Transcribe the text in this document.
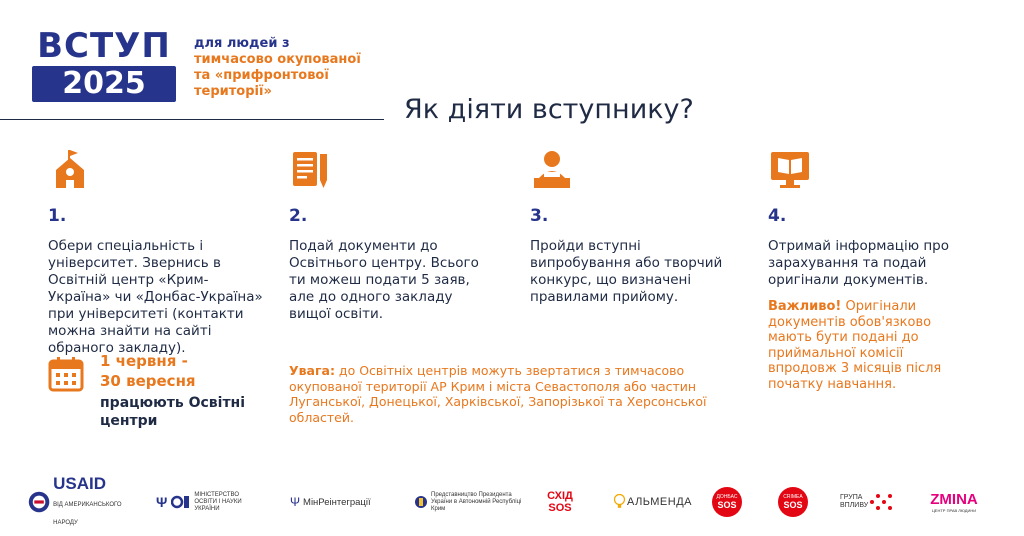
ВСТУП
2025
для людей з
тимчасово окупованої
та «прифронтової
території»
Як діяти вступнику?
1.
Обери спеціальність і університет. Звернись в Освітній центр «Крим-Україна» чи «Донбас-Україна» при університеті (контакти можна знайти на сайті обраного закладу).
2.
Подай документи до Освітнього центру. Всього ти можеш подати 5 заяв, але до одного закладу вищої освіти.
3.
Пройди вступні випробування або творчий конкурс, що визначені правилами прийому.
4.
Отримай інформацію про зарахування та подай оригінали документів.
Важливо! Оригінали документів обов'язково мають бути подані до приймальної комісії впродовж 3 місяців після початку навчання.
1 червня -
30 вересня
працюють Освітні центри
Увага: до Освітніх центрів можуть звертатися з тимчасово окупованої території АР Крим і міста Севастополя або частин Луганської, Донецької, Харківської, Запорізької та Херсонської областей.
USAID
ВІД АМЕРИКАНСЬКОГО НАРОДУ
Ψ	МІНІСТЕРСТВО ОСВІТИ І НАУКИ УКРАЇНИ	Ψ МінРеінтеграції
Представництво Президента України в Автономній Республіці Крим
СХІД
SOS	АЛЬМЕНДА	ДОНБАС
SOS
CRIMEA
SOS
ГРУПА
ВПЛИВУ	ZMINA
ЦЕНТР ПРАВ ЛЮДИНИ
